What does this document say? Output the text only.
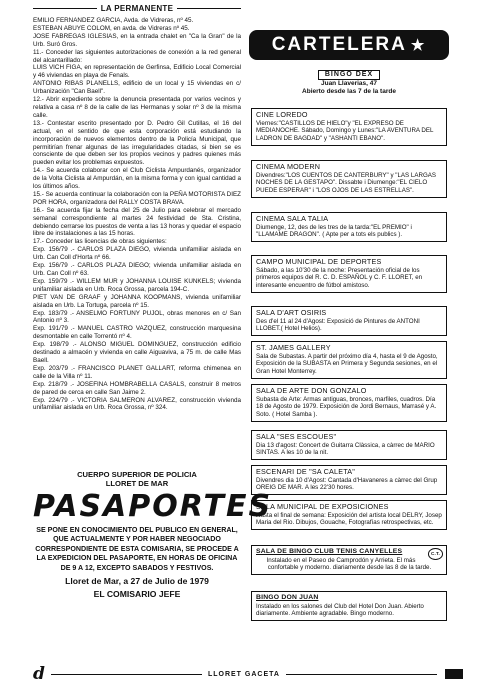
LA PERMANENTE

EMILIO FERNANDEZ GARCIA, Avda. de Vidreras, nº 45.

ESTEBAN ABUYE COLOM, en avda. de Vidreras nº 45.

JOSE FABREGAS IGLESIAS, en la entrada chalet en "Ca la Gran" de la Urb. Suró Gros.

11.- Conceder las siguientes autorizaciones de conexión a la red general del alcantarillado:

LUIS VICH FIGA, en representación de Gerfinsa, Edificio Local Comercial y 46 viviendas en playa de Fenals.

ANTONIO RIBAS PLANELLS, edificio de un local y 15 viviendas en c/ Urbanización "Can Baell".

12.- Abrir expediente sobre la denuncia presentada por varios vecinos y relativa a casa nº 8 de la calle de las Hermanas y solar nº 3 de la misma calle.

13.- Contestar escrito presentado por D. Pedro Gil Cutillas, el 16 del actual, en el sentido de que esta corporación está estudiando la incorporación de nuevos elementos dentro de la Policía Municipal, que permitirían frenar algunas de las irregularidades citadas, si bien se es consciente de que deben ser los propios vecinos y padres quienes más pueden evitar los problemas expuestos.

14.- Se acuerda colaborar con el Club Ciclista Ampurdanés, organizador de la Volta Ciclista al Ampurdán, en la misma forma y con igual cantidad a los últimos años.

15.- Se acuerda continuar la colaboración con la PEÑA MOTORISTA DIEZ POR HORA, organizadora del RALLY COSTA BRAVA.

16.- Se acuerda fijar la fecha del 25 de Julio para celebrar el mercado semanal correspondiente al martes 24 festividad de Sta. Cristina, debiendo cerrarse los puestos de venta a las 13 horas y quedar el espacio libre de instalaciones a las 15 horas.

17.- Conceder las licencias de obras siguientes:

Exp. 156/79 .- CARLOS PLAZA DIEGO, vivienda unifamiliar aislada en Urb. Can Coll d'Horta nº 66.

Exp. 156/79 .- CARLOS PLAZA DIEGO; vivienda unifamiliar aislada en Urb. Can Coll nº 63.

Exp. 159/79 .- WILLEM MUR y JOHANNA LOUISE KUNKELS; vivienda unifamiliar aislada en Urb. Roca Grossa, parcela 194-C.

PIET VAN DE GRAAF y JOHANNA KOOPMANS, vivienda unifamiliar aislada en Urb. La Tortuga, parcela nº 15.

Exp. 183/79 .- ANSELMO FORTUNY PUJOL, obras menores en c/ San Antonio nº 3.

Exp. 191/79 .- MANUEL CASTRO VAZQUEZ, construcción marquesina desmontable en calle Torrentó nº 4.

Exp. 198/79 .- ALONSO MIGUEL DOMINGUEZ, construcción edificio destinado a almacén y vivienda en calle Aiguaviva, a 75 m. de calle Mas Baell.

Exp. 203/79 .- FRANCISCO PLANET GALLART, reforma chimenea en calle de la Villa nº 11.

Exp. 218/79 .- JOSEFINA HOMBRABELLA CASALS, construir 8 metros de pared de cerca en calle San Jaime 2.

Exp. 224/79 .- VICTORIA SALMERON ALVAREZ, construcción vivienda unifamiliar aislada en Urb. Roca Grossa, nº 324.

CUERPO SUPERIOR DE POLICIA
LLORET DE MAR
PASAPORTES
SE PONE EN CONOCIMIENTO DEL PUBLICO EN GENERAL, QUE ACTUALMENTE Y POR HABER NEGOCIADO CORRESPONDIENTE DE ESTA COMISARIA, SE PROCEDE A LA EXPEDICION DEL PASAPORTE, EN HORAS DE OFICINA DE 9 A 12, EXCEPTO SABADOS Y FESTIVOS.
Lloret de Mar, a 27 de Julio de 1979
EL COMISARIO JEFE
CARTELERA ★
BINGO DEX
Juan Llaverias, 47
Abierto desde las 7 de la tarde
CINE LOREDO
Viernes:"CASTILLOS DE HIELO"y "EL EXPRESO DE MEDIANOCHE. Sábado, Domingo y Lunes:"LA AVENTURA DEL LADRON DE BAGDAD" y "ASHANTI EBANO".
CINEMA MODERN
Divendres:"LOS CUENTOS DE CANTERBURY" y "LAS LARGAS NOCHES DE LA GESTAPO". Dissabte i Diumenge:"EL CIELO PUEDE ESPERAR" i "LOS OJOS DE LAS ESTRELLAS".
CINEMA SALA TALIA
Diumenge, 12, des de les tres de la tarda:"EL PREMIO" i "LLAMAME DRAGON". ( Apte per a tots els publics ).
CAMPO MUNICIPAL DE DEPORTES
Sábado, a las 10'30 de la noche: Presentación oficial de los primeros equipos del R. C. D. ESPAÑOL y C. F. LLORET, en interesante encuentro de fútbol amistoso.
SALA D'ART OSIRIS
Des d'el 11 al 24 d'Agost: Exposició de Pintures de ANTONI LLOBET.( Hotel Helios).
ST. JAMES GALLERY
Sala de Subastas. A partir del próximo día 4, hasta el 9 de Agosto, Exposición de la SUBASTA en Primera y Segunda sesiones, en el Gran Hotel Monterrey.
SALA DE ARTE DON GONZALO
Subasta de Arte: Armas antiguas, bronces, marfiles, cuadros. Día 18 de Agosto de 1979. Exposición de Jordi Bernaus, Marrasé y A. Soto. ( Hotel Samba ).
SALA "SES ESCOUES"
Dia 13 d'agost: Concert de Guitarra Clàssica, a càrrec de MARIO SINTAS. A les 10 de la nit.
ESCENARI DE "SA CALETA"
Divendres dia 10 d'Agost: Cantada d'Havaneres a càrrec del Grup OREIG DE MAR. A les 22'30 hores.
SALA MUNICIPAL DE EXPOSICIONES
Hasta el final de semana: Exposición del artista local DELRY, Josep Maria del Rio. Dibujos, Gouache, Fotografías retrospectivas, etc.
C.T.
SALA DE BINGO CLUB TENIS CANYELLES
Instalado en el Paseo de Camprodón y Arrieta. El más confortable y moderno. diariamente desde las 8 de la tarde.
BINGO DON JUAN
Instalado en los salones del Club del Hotel Don Juan. Abierto diariamente. Ambiente agradable. Bingo moderno.
d	LLORET GACETA
